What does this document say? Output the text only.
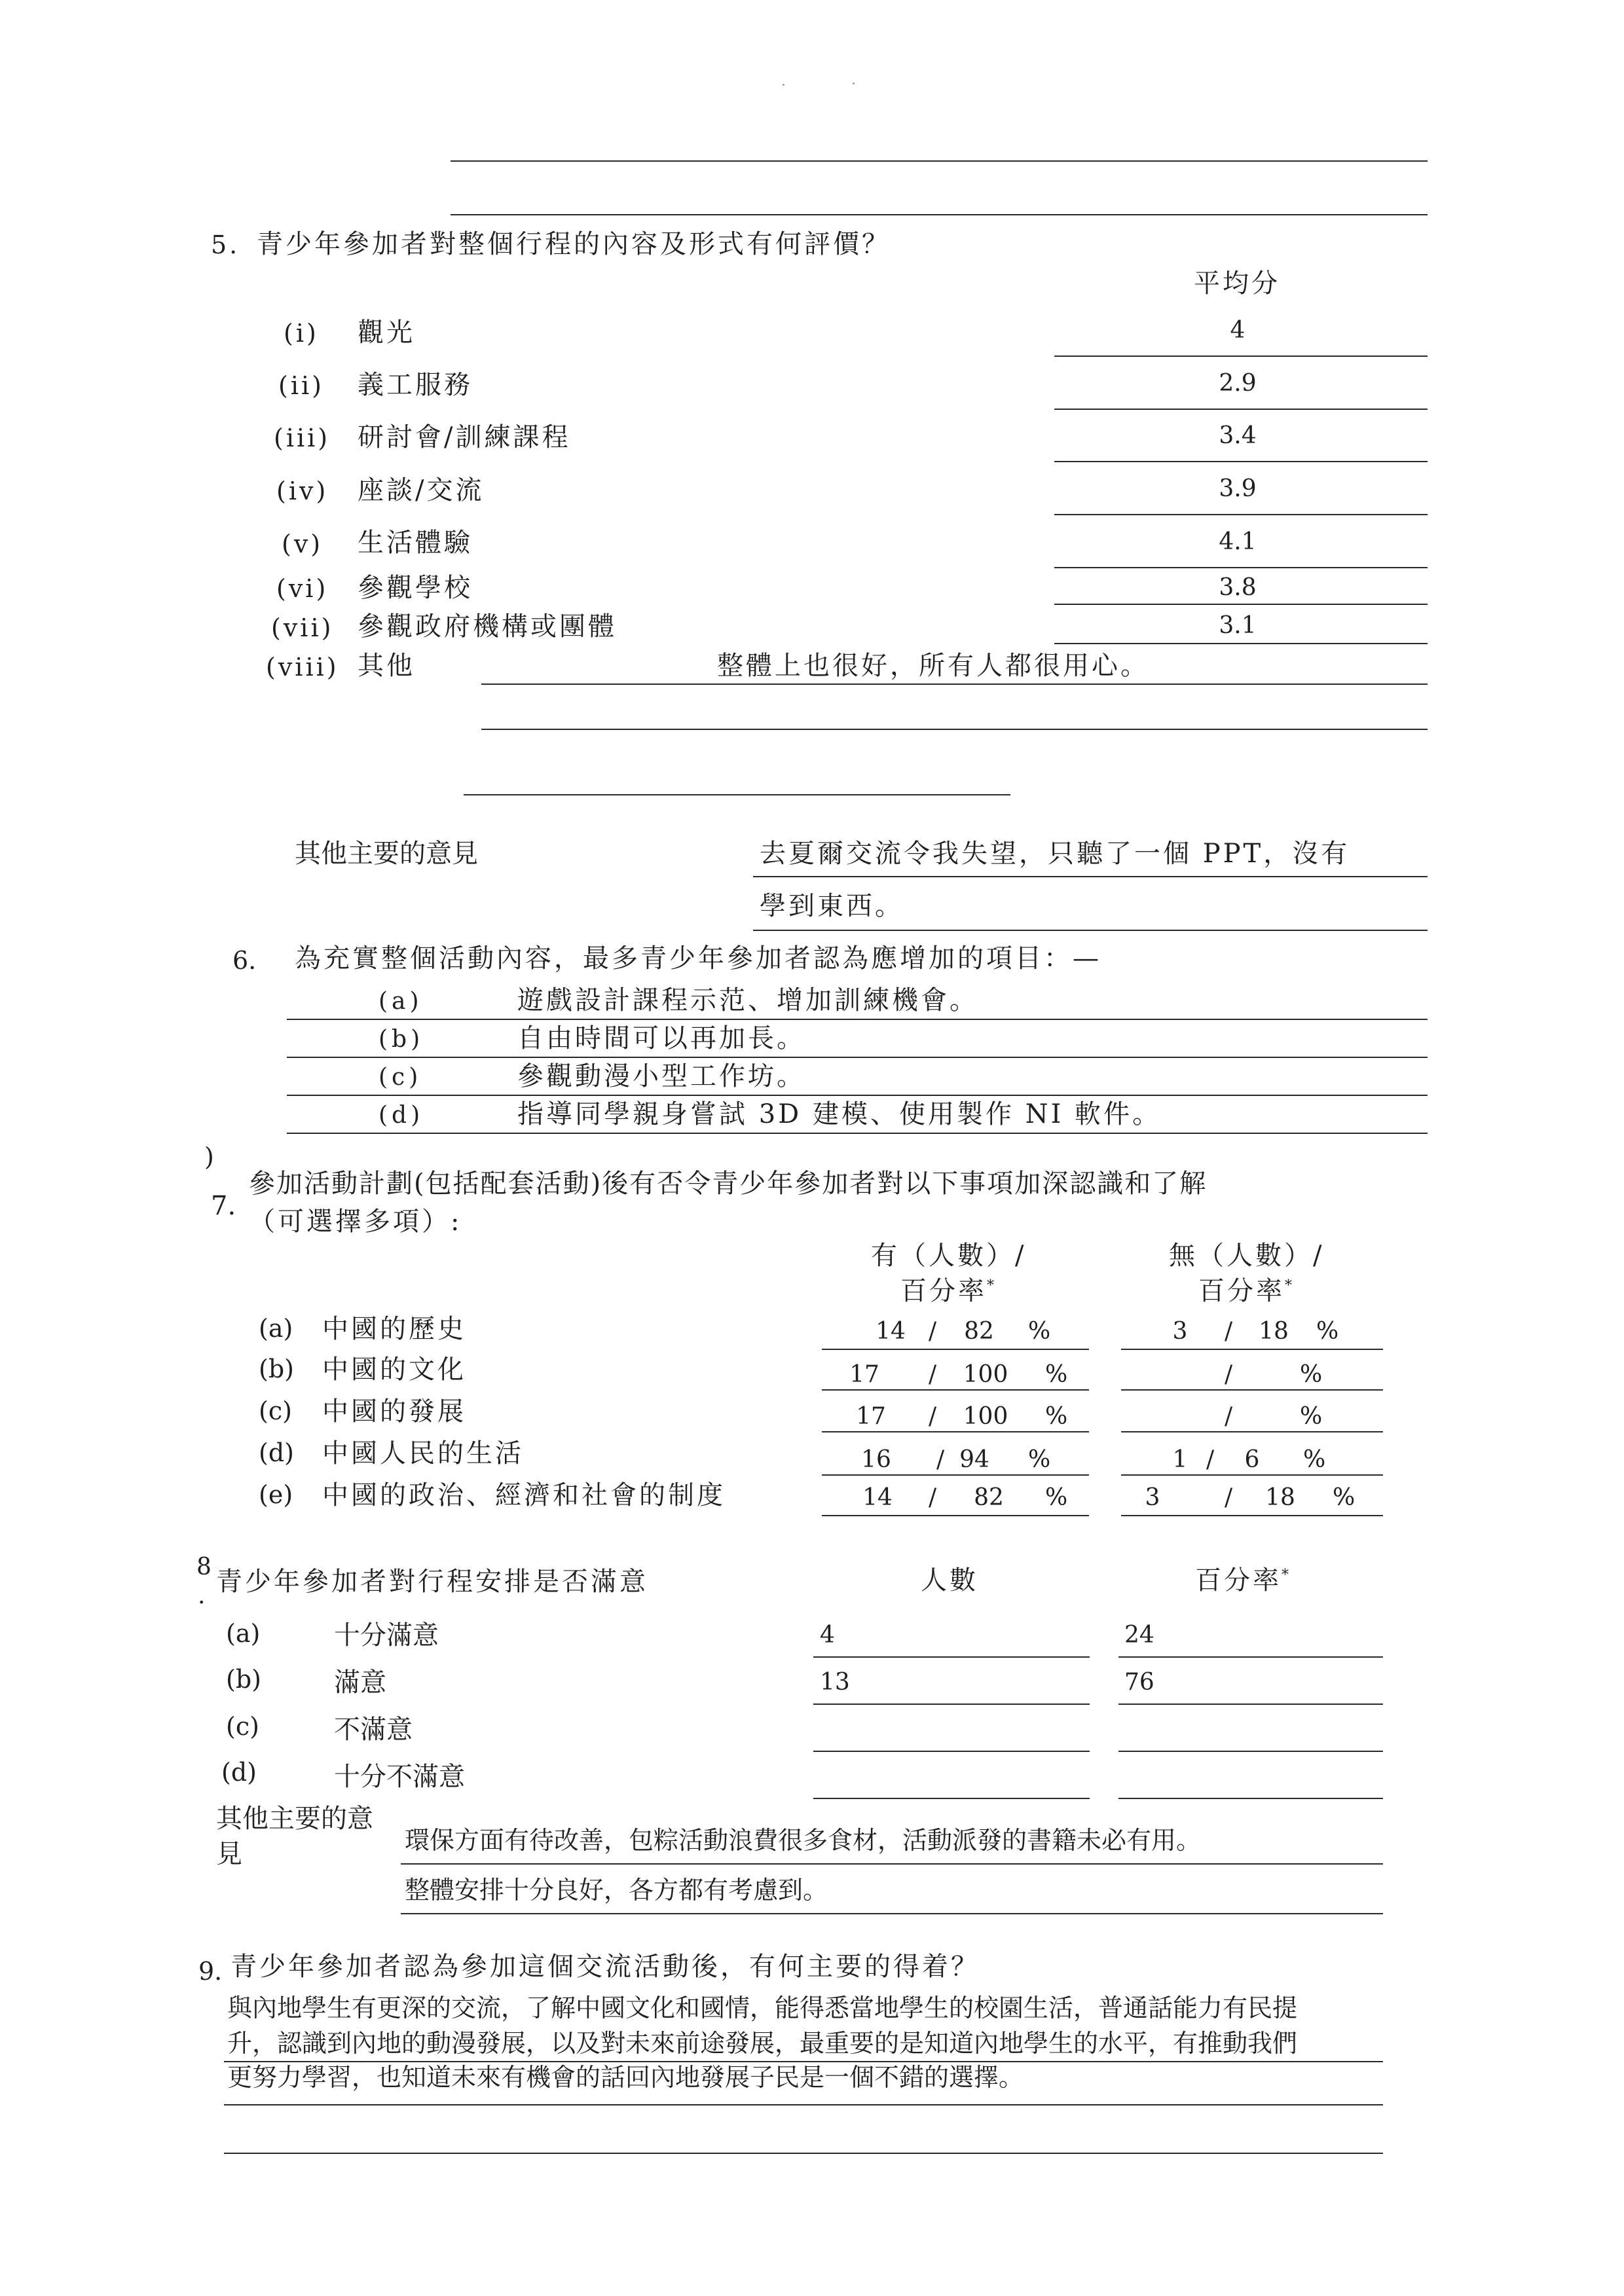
5. 青少年參加者對整個行程的內容及形式有何評價？
平均分
(i) 觀光	4
(ii) 義工服務	2.9
(iii) 研討會/訓練課程	3.4
(iv) 座談/交流	3.9
(v) 生活體驗	4.1
(vi) 參觀學校	3.8
(vii) 參觀政府機構或團體	3.1
(viii) 其他	整體上也很好，所有人都很用心。
其他主要的意見	去夏爾交流令我失望，只聽了一個 PPT，沒有
學到東西。
6. 為充實整個活動內容，最多青少年參加者認為應增加的項目：—
(a)	遊戲設計課程示范、增加訓練機會。
(b)	自由時間可以再加長。
(c)	參觀動漫小型工作坊。
(d)	指導同學親身嘗試 3D 建模、使用製作 NI 軟件。
)
7.
參加活動計劃(包括配套活動)後有否令青少年參加者對以下事項加深認識和了解
（可選擇多項）:
有（人數）/
百分率*
無（人數）/
百分率*
(a) 中國的歷史	14 /	82	%	3	/	18	%
(b) 中國的文化	17	/	100	%	/	%
(c) 中國的發展	17	/	100	%	/	%
(d) 中國人民的生活	16	/ 94	%	1 /	6	%
(e) 中國的政治、經濟和社會的制度	14	/	82	%	3	/	18	%
8
. 青少年參加者對行程安排是否滿意	人數	百分率*
(a)	十分滿意	4	24
(b)	滿意	13	76
(c)	不滿意
(d)	十分不滿意
其他主要的意
見	環保方面有待改善，包粽活動浪費很多食材，活動派發的書籍未必有用。
整體安排十分良好，各方都有考慮到。
9. 青少年參加者認為參加這個交流活動後，有何主要的得着？
與內地學生有更深的交流，了解中國文化和國情，能得悉當地學生的校園生活，普通話能力有民提
升，認識到內地的動漫發展，以及對未來前途發展，最重要的是知道內地學生的水平，有推動我們
更努力學習，也知道未來有機會的話回內地發展子民是一個不錯的選擇。
